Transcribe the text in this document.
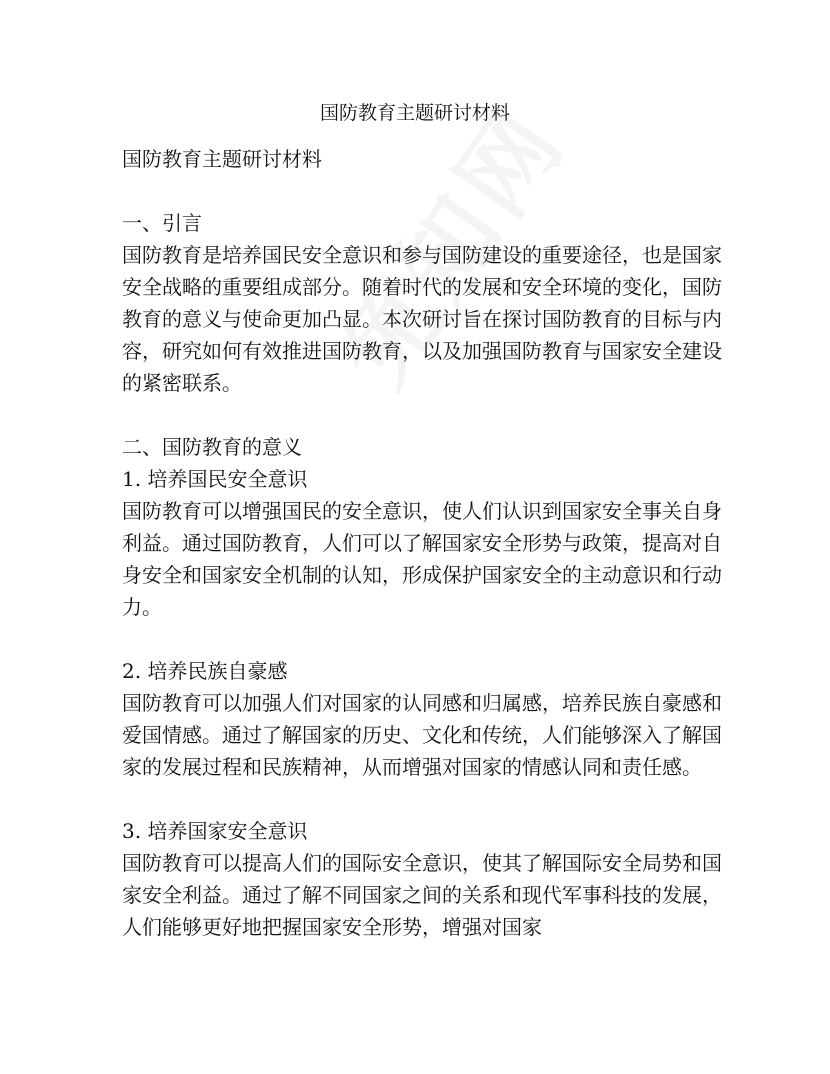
国防教育主题研讨材料

国防教育主题研讨材料

一、引言

国防教育是培养国民安全意识和参与国防建设的重要途径，也是国家安全战略的重要组成部分。随着时代的发展和安全环境的变化，国防教育的意义与使命更加凸显。本次研讨旨在探讨国防教育的目标与内容，研究如何有效推进国防教育，以及加强国防教育与国家安全建设的紧密联系。

二、国防教育的意义

1. 培养国民安全意识

国防教育可以增强国民的安全意识，使人们认识到国家安全事关自身利益。通过国防教育，人们可以了解国家安全形势与政策，提高对自身安全和国家安全机制的认知，形成保护国家安全的主动意识和行动力。

2. 培养民族自豪感

国防教育可以加强人们对国家的认同感和归属感，培养民族自豪感和爱国情感。通过了解国家的历史、文化和传统，人们能够深入了解国家的发展过程和民族精神，从而增强对国家的情感认同和责任感。

3. 培养国家安全意识

国防教育可以提高人们的国际安全意识，使其了解国际安全局势和国家安全利益。通过了解不同国家之间的关系和现代军事科技的发展，人们能够更好地把握国家安全形势，增强对国家
